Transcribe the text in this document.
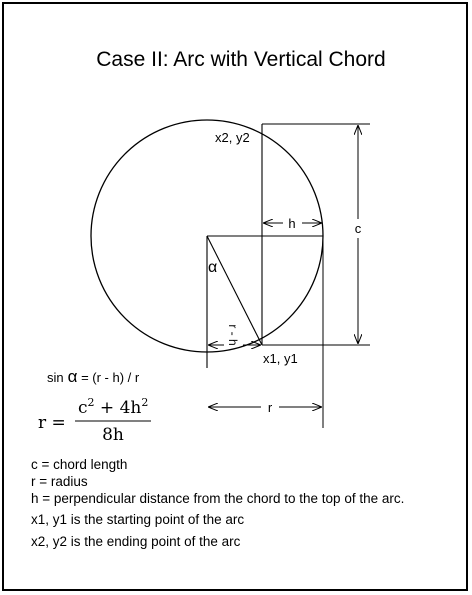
Case II: Arc with Vertical Chord
c
h
r - h
r
x2, y2
x1, y1
α
sin α = (r - h) / r
r =
$c^2 + 4h^2$
8h
c = chord length
r = radius
h = perpendicular distance from the chord to the top of the arc.
x1, y1 is the starting point of the arc
x2, y2 is the ending point of the arc
